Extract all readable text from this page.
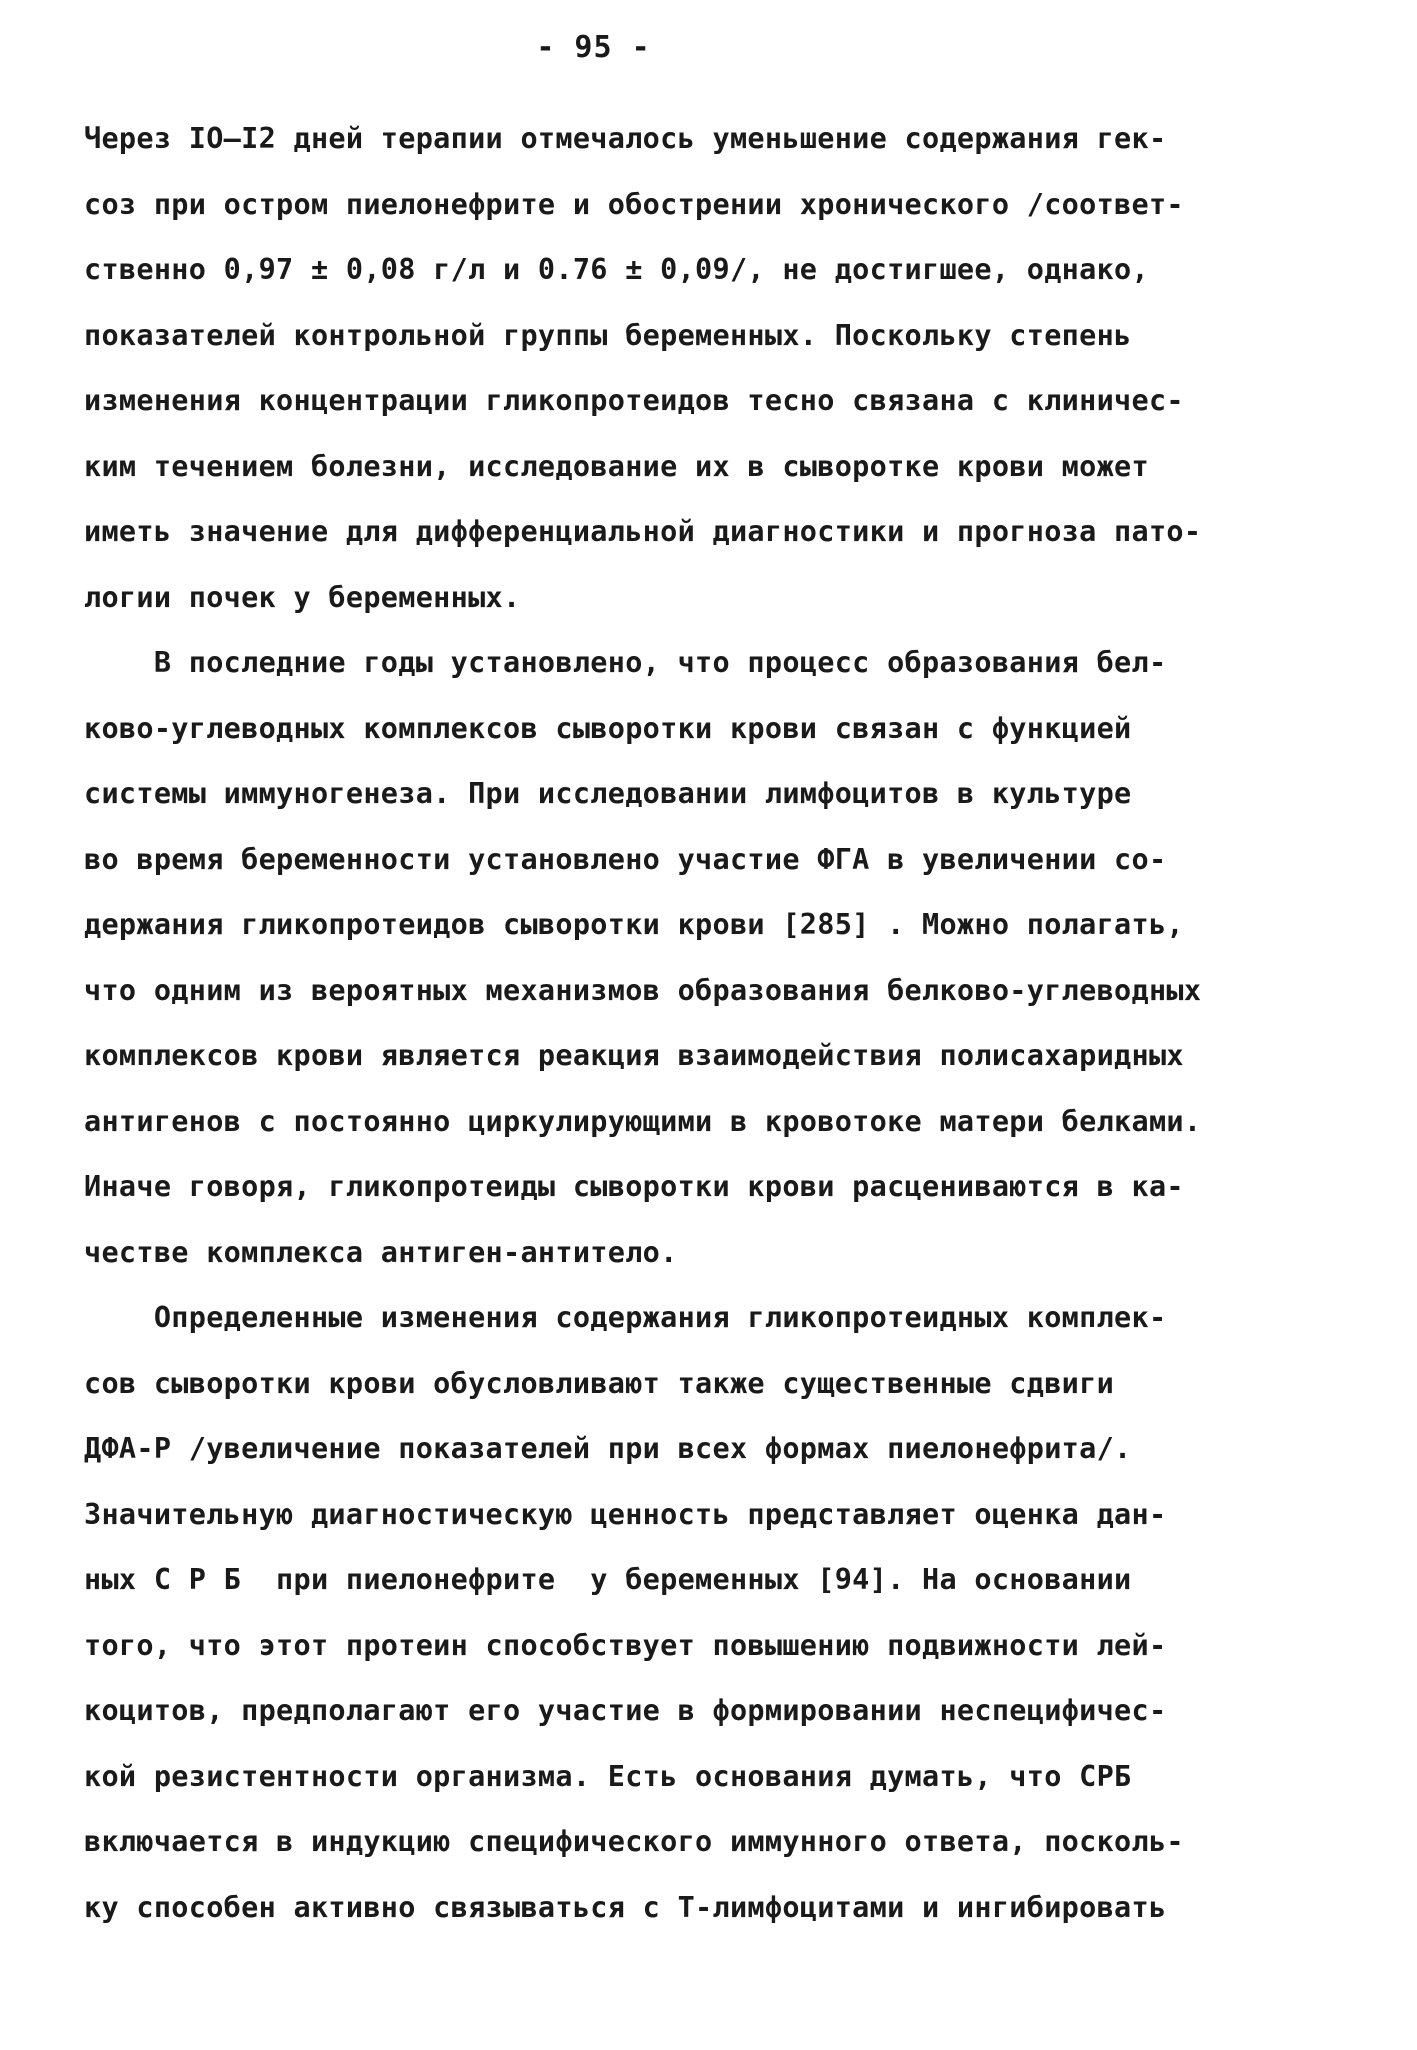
- 95 -
Через IO–I2 дней терапии отмечалось уменьшение содержания гек-
соз при остром пиелонефрите и обострении хронического /соответ-
ственно 0,97 ± 0,08 г/л и 0.76 ± 0,09/, не достигшее, однако,
показателей контрольной группы беременных. Поскольку степень
изменения концентрации гликопротеидов тесно связана с клиничес-
ким течением болезни, исследование их в сыворотке крови может
иметь значение для дифференциальной диагностики и прогноза пато-
логии почек у беременных.
В последние годы установлено, что процесс образования бел-
ково-углеводных комплексов сыворотки крови связан с функцией
системы иммуногенеза. При исследовании лимфоцитов в культуре
во время беременности установлено участие ФГА в увеличении со-
держания гликопротеидов сыворотки крови [285] . Можно полагать,
что одним из вероятных механизмов образования белково-углеводных
комплексов крови является реакция взаимодействия полисахаридных
антигенов с постоянно циркулирующими в кровотоке матери белками.
Иначе говоря, гликопротеиды сыворотки крови расцениваются в ка-
честве комплекса антиген-антитело.
Определенные изменения содержания гликопротеидных комплек-
сов сыворотки крови обусловливают также существенные сдвиги
ДФА-Р /увеличение показателей при всех формах пиелонефрита/.
Значительную диагностическую ценность представляет оценка дан-
ных С Р Б  при пиелонефрите  у беременных [94]. На основании
того, что этот протеин способствует повышению подвижности лей-
коцитов, предполагают его участие в формировании неспецифичес-
кой резистентности организма. Есть основания думать, что СРБ
включается в индукцию специфического иммунного ответа, посколь-
ку способен активно связываться с Т-лимфоцитами и ингибировать
